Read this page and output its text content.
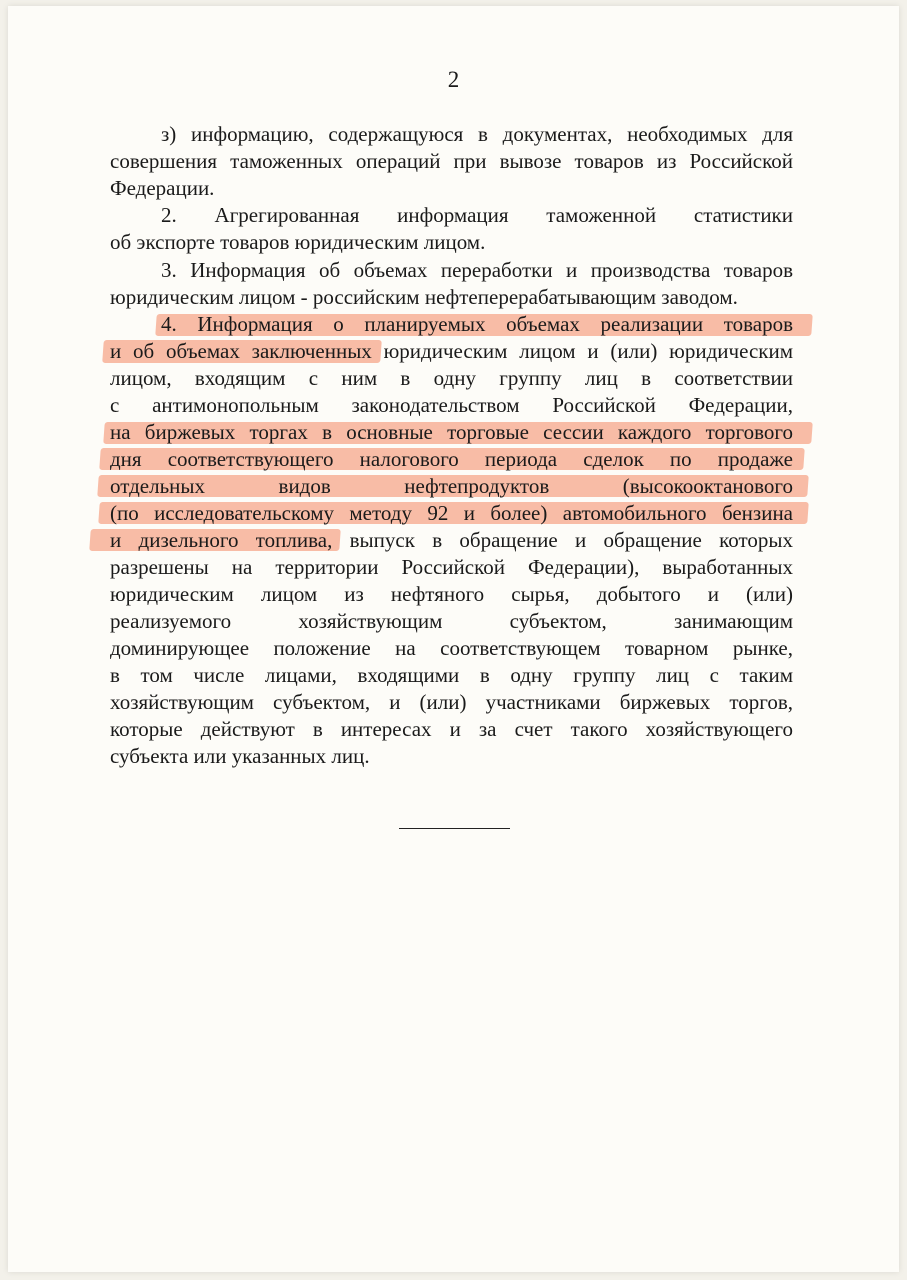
2
з) информацию, содержащуюся в документах, необходимых для
совершения таможенных операций при вывозе товаров из Российской
Федерации.
2. Агрегированная информация таможенной статистики
об экспорте товаров юридическим лицом.
3. Информация об объемах переработки и производства товаров
юридическим лицом - российским нефтеперерабатывающим заводом.
4. Информация о планируемых объемах реализации товаров
и об объемах заключенных юридическим лицом и (или) юридическим
лицом, входящим с ним в одну группу лиц в соответствии
с антимонопольным законодательством Российской Федерации,
на биржевых торгах в основные торговые сессии каждого торгового
дня соответствующего налогового периода сделок по продаже
отдельных видов нефтепродуктов (высокооктанового
(по исследовательскому методу 92 и более) автомобильного бензина
и дизельного топлива, выпуск в обращение и обращение которых
разрешены на территории Российской Федерации), выработанных
юридическим лицом из нефтяного сырья, добытого и (или)
реализуемого хозяйствующим субъектом, занимающим
доминирующее положение на соответствующем товарном рынке,
в том числе лицами, входящими в одну группу лиц с таким
хозяйствующим субъектом, и (или) участниками биржевых торгов,
которые действуют в интересах и за счет такого хозяйствующего
субъекта или указанных лиц.
